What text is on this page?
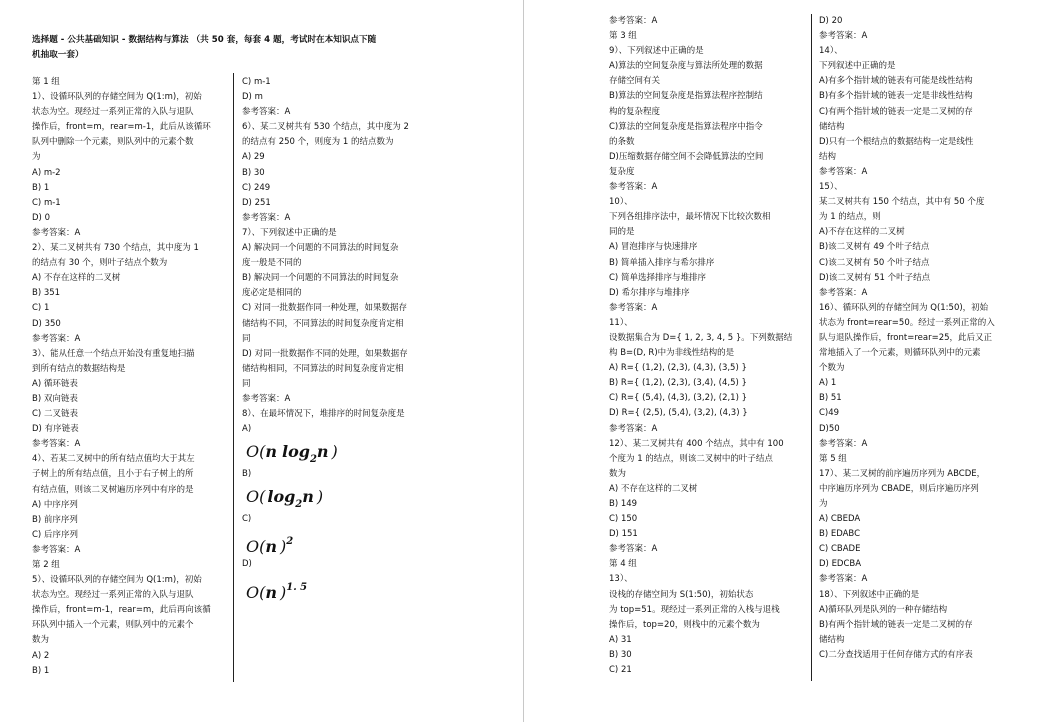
选择题 - 公共基础知识 - 数据结构与算法 （共 50 套，每套 4 题，考试时在本知识点下随
机抽取一套）
第 1 组
1）、设循环队列的存储空间为 Q(1:m)，初始
状态为空。现经过一系列正常的入队与退队
操作后，front=m，rear=m-1，此后从该循环
队列中删除一个元素，则队列中的元素个数
为
A) m-2
B) 1
C) m-1
D) 0
参考答案：A
2）、某二叉树共有 730 个结点，其中度为 1
的结点有 30 个，则叶子结点个数为
A) 不存在这样的二叉树
B) 351
C) 1
D) 350
参考答案：A
3）、能从任意一个结点开始没有重复地扫描
到所有结点的数据结构是
A) 循环链表
B) 双向链表
C) 二叉链表
D) 有序链表
参考答案：A
4）、若某二叉树中的所有结点值均大于其左
子树上的所有结点值，且小于右子树上的所
有结点值，则该二叉树遍历序列中有序的是
A) 中序序列
B) 前序序列
C) 后序序列
参考答案：A
第 2 组
5）、设循环队列的存储空间为 Q(1:m)，初始
状态为空。现经过一系列正常的入队与退队
操作后，front=m-1，rear=m，此后再向该循
环队列中插入一个元素，则队列中的元素个
数为
A) 2
B) 1
C) m-1
D) m
参考答案：A
6）、某二叉树共有 530 个结点，其中度为 2
的结点有 250 个，则度为 1 的结点数为
A) 29
B) 30
C) 249
D) 251
参考答案：A
7）、下列叙述中正确的是
A) 解决同一个问题的不同算法的时间复杂
度一般是不同的
B) 解决同一个问题的不同算法的时间复杂
度必定是相同的
C) 对同一批数据作同一种处理，如果数据存
储结构不同，不同算法的时间复杂度肯定相
同
D) 对同一批数据作不同的处理，如果数据存
储结构相同，不同算法的时间复杂度肯定相
同
参考答案：A
8）、在最坏情况下，堆排序的时间复杂度是
A)
O(n $\log_2n$ )
B)
O( $\log_2n$ )
C)
O(n )$^2$
D)
O(n )$^{1. 5}$
参考答案：A
第 3 组
9）、下列叙述中正确的是
A)算法的空间复杂度与算法所处理的数据
存储空间有关
B)算法的空间复杂度是指算法程序控制结
构的复杂程度
C)算法的空间复杂度是指算法程序中指令
的条数
D)压缩数据存储空间不会降低算法的空间
复杂度
参考答案：A
10）、
下列各组排序法中，最坏情况下比较次数相
同的是
A) 冒泡排序与快速排序
B) 简单插入排序与希尔排序
C) 简单选择排序与堆排序
D) 希尔排序与堆排序
参考答案：A
11）、
设数据集合为 D={ 1, 2, 3, 4, 5 }。下列数据结
构 B=(D, R)中为非线性结构的是
A) R={ (1,2), (2,3), (4,3), (3,5) }
B) R={ (1,2), (2,3), (3,4), (4,5) }
C) R={ (5,4), (4,3), (3,2), (2,1) }
D) R={ (2,5), (5,4), (3,2), (4,3) }
参考答案：A
12）、某二叉树共有 400 个结点，其中有 100
个度为 1 的结点，则该二叉树中的叶子结点
数为
A) 不存在这样的二叉树
B) 149
C) 150
D) 151
参考答案：A
第 4 组
13）、
设栈的存储空间为 S(1:50)，初始状态
为 top=51。现经过一系列正常的入栈与退栈
操作后，top=20，则栈中的元素个数为
A) 31
B) 30
C) 21
D) 20
参考答案：A
14）、
下列叙述中正确的是
A)有多个指针域的链表有可能是线性结构
B)有多个指针域的链表一定是非线性结构
C)有两个指针域的链表一定是二叉树的存
储结构
D)只有一个根结点的数据结构一定是线性
结构
参考答案：A
15）、
某二叉树共有 150 个结点，其中有 50 个度
为 1 的结点，则
A)不存在这样的二叉树
B)该二叉树有 49 个叶子结点
C)该二叉树有 50 个叶子结点
D)该二叉树有 51 个叶子结点
参考答案：A
16）、循环队列的存储空间为 Q(1:50)，初始
状态为 front=rear=50。经过一系列正常的入
队与退队操作后，front=rear=25，此后又正
常地插入了一个元素，则循环队列中的元素
个数为
A) 1
B) 51
C)49
D)50
参考答案：A
第 5 组
17）、某二叉树的前序遍历序列为 ABCDE，
中序遍历序列为 CBADE，则后序遍历序列
为
A) CBEDA
B) EDABC
C) CBADE
D) EDCBA
参考答案：A
18）、下列叙述中正确的是
A)循环队列是队列的一种存储结构
B)有两个指针域的链表一定是二叉树的存
储结构
C)二分查找适用于任何存储方式的有序表
